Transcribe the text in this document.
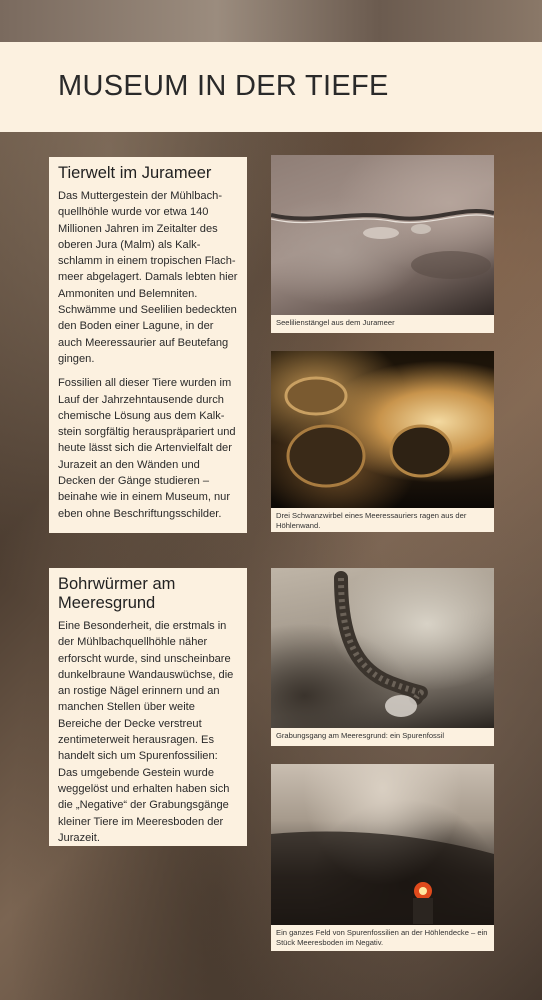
MUSEUM IN DER TIEFE
Tierwelt im Jurameer

Das Muttergestein der Mühlbach-quellhöhle wurde vor etwa 140 Millionen Jahren im Zeitalter des oberen Jura (Malm) als Kalk-schlamm in einem tropischen Flach-meer abgelagert. Damals lebten hier Ammoniten und Belemniten. Schwämme und Seelilien bedeckten den Boden einer Lagune, in der auch Meeressaurier auf Beutefang gingen.

Fossilien all dieser Tiere wurden im Lauf der Jahrzehntausende durch chemische Lösung aus dem Kalk-stein sorgfältig herauspräpariert und heute lässt sich die Artenvielfalt der Jurazeit an den Wänden und Decken der Gänge studieren – beinahe wie in einem Museum, nur eben ohne Beschriftungsschilder.

Bohrwürmer am Meeresgrund

Eine Besonderheit, die erstmals in der Mühlbachquellhöhle näher erforscht wurde, sind unscheinbare dunkelbraune Wandauswüchse, die an rostige Nägel erinnern und an manchen Stellen über weite Bereiche der Decke verstreut zentimeterweit herausragen. Es handelt sich um Spurenfossilien: Das umgebende Gestein wurde weggelöst und erhalten haben sich die „Negative“ der Grabungsgänge kleiner Tiere im Meeresboden der Jurazeit.

Seelilienstängel aus dem Jurameer
Drei Schwanzwirbel eines Meeressauriers ragen aus der Höhlenwand.
Grabungsgang am Meeresgrund: ein Spurenfossil
Ein ganzes Feld von Spurenfossilien an der Höhlendecke – ein Stück Meeresboden im Negativ.
